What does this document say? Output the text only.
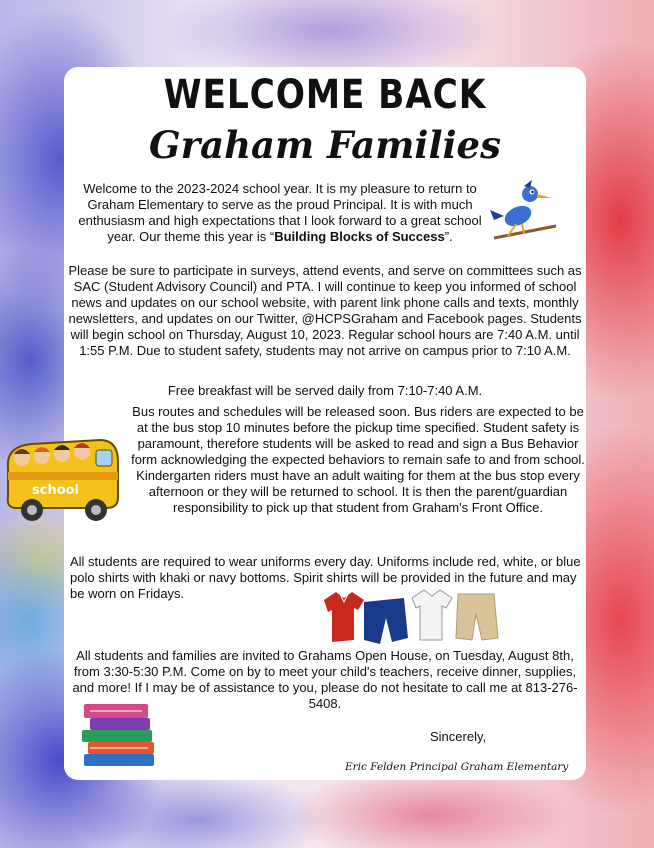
WELCOME BACK
Graham Families

Welcome to the 2023-2024 school year. It is my pleasure to return to Graham Elementary to serve as the proud Principal. It is with much enthusiasm and high expectations that I look forward to a great school year. Our theme this year is “Building Blocks of Success”.

Please be sure to participate in surveys, attend events, and serve on committees such as SAC (Student Advisory Council) and PTA. I will continue to keep you informed of school news and updates on our school website, with parent link phone calls and texts, monthly newsletters, and updates on our Twitter, @HCPSGraham and Facebook pages. Students will begin school on Thursday, August 10, 2023. Regular school hours are 7:40 A.M. until 1:55 P.M. Due to student safety, students may not arrive on campus prior to 7:10 A.M.

Free breakfast will be served daily from 7:10-7:40 A.M.

Bus routes and schedules will be released soon. Bus riders are expected to be at the bus stop 10 minutes before the pickup time specified. Student safety is paramount, therefore students will be asked to read and sign a Bus Behavior form acknowledging the expected behaviors to remain safe to and from school. Kindergarten riders must have an adult waiting for them at the bus stop every afternoon or they will be returned to school. It is then the parent/guardian responsibility to pick up that student from Graham's Front Office.

All students are required to wear uniforms every day. Uniforms include red, white, or blue polo shirts with khaki or navy bottoms. Spirit shirts will be provided in the future and may be worn on Fridays.

All students and families are invited to Grahams Open House, on Tuesday, August 8th, from 3:30-5:30 P.M. Come on by to meet your child's teachers, receive dinner, supplies, and more! If I may be of assistance to you, please do not hesitate to call me at 813-276-5408.

Sincerely,
Eric Felden Principal Graham Elementary
school
